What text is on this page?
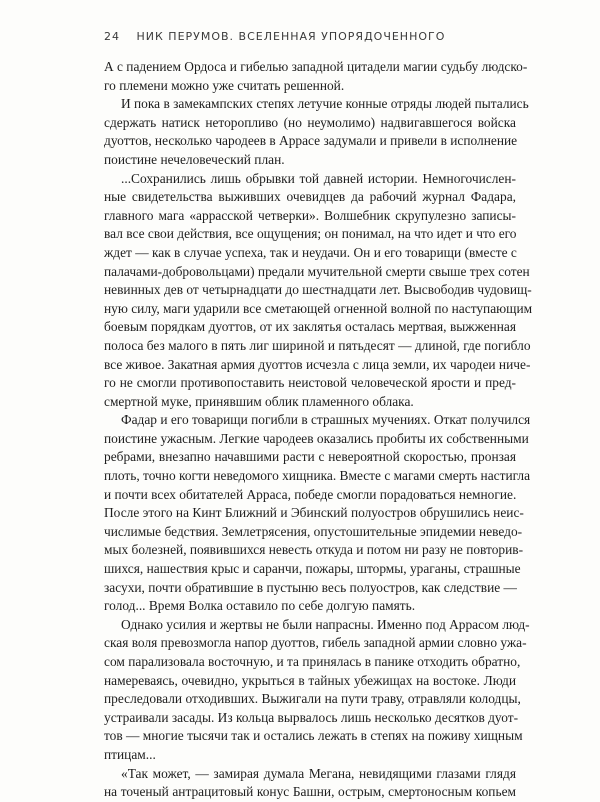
24 НИК ПЕРУМОВ. ВСЕЛЕННАЯ УПОРЯДОЧЕННОГО
А с падением Ордоса и гибелью западной цитадели магии судьбу людско-
го племени можно уже считать решенной.
И пока в замекампских степях летучие конные отряды людей пытались
сдержать натиск неторопливо (но неумолимо) надвигавшегося войска
дуоттов, несколько чародеев в Аррасе задумали и привели в исполнение
поистине нечеловеческий план.
...Сохранились лишь обрывки той давней истории. Немногочислен-
ные свидетельства выживших очевидцев да рабочий журнал Фадара,
главного мага «аррасской четверки». Волшебник скрупулезно записы-
вал все свои действия, все ощущения; он понимал, на что идет и что его
ждет — как в случае успеха, так и неудачи. Он и его товарищи (вместе с
палачами-добровольцами) предали мучительной смерти свыше трех сотен
невинных дев от четырнадцати до шестнадцати лет. Высвободив чудовищ-
ную силу, маги ударили все сметающей огненной волной по наступающим
боевым порядкам дуоттов, от их заклятья осталась мертвая, выжженная
полоса без малого в пять лиг шириной и пятьдесят — длиной, где погибло
все живое. Закатная армия дуоттов исчезла с лица земли, их чародеи ниче-
го не смогли противопоставить неистовой человеческой ярости и пред-
смертной муке, принявшим облик пламенного облака.
Фадар и его товарищи погибли в страшных мучениях. Откат получился
поистине ужасным. Легкие чародеев оказались пробиты их собственными
ребрами, внезапно начавшими расти с невероятной скоростью, пронзая
плоть, точно когти неведомого хищника. Вместе с магами смерть настигла
и почти всех обитателей Арраса, победе смогли порадоваться немногие.
После этого на Кинт Ближний и Эбинский полуостров обрушились неис-
числимые бедствия. Землетрясения, опустошительные эпидемии неведо-
мых болезней, появившихся невесть откуда и потом ни разу не повторив-
шихся, нашествия крыс и саранчи, пожары, штормы, ураганы, страшные
засухи, почти обратившие в пустыню весь полуостров, как следствие —
голод... Время Волка оставило по себе долгую память.
Однако усилия и жертвы не были напрасны. Именно под Аррасом люд-
ская воля превозмогла напор дуоттов, гибель западной армии словно ужа-
сом парализовала восточную, и та принялась в панике отходить обратно,
намереваясь, очевидно, укрыться в тайных убежищах на востоке. Люди
преследовали отходивших. Выжигали на пути траву, отравляли колодцы,
устраивали засады. Из кольца вырвалось лишь несколько десятков дуот-
тов — многие тысячи так и остались лежать в степях на поживу хищным
птицам...
«Так может, — замирая думала Мегана, невидящими глазами глядя
на точеный антрацитовый конус Башни, острым, смертоносным копьем
